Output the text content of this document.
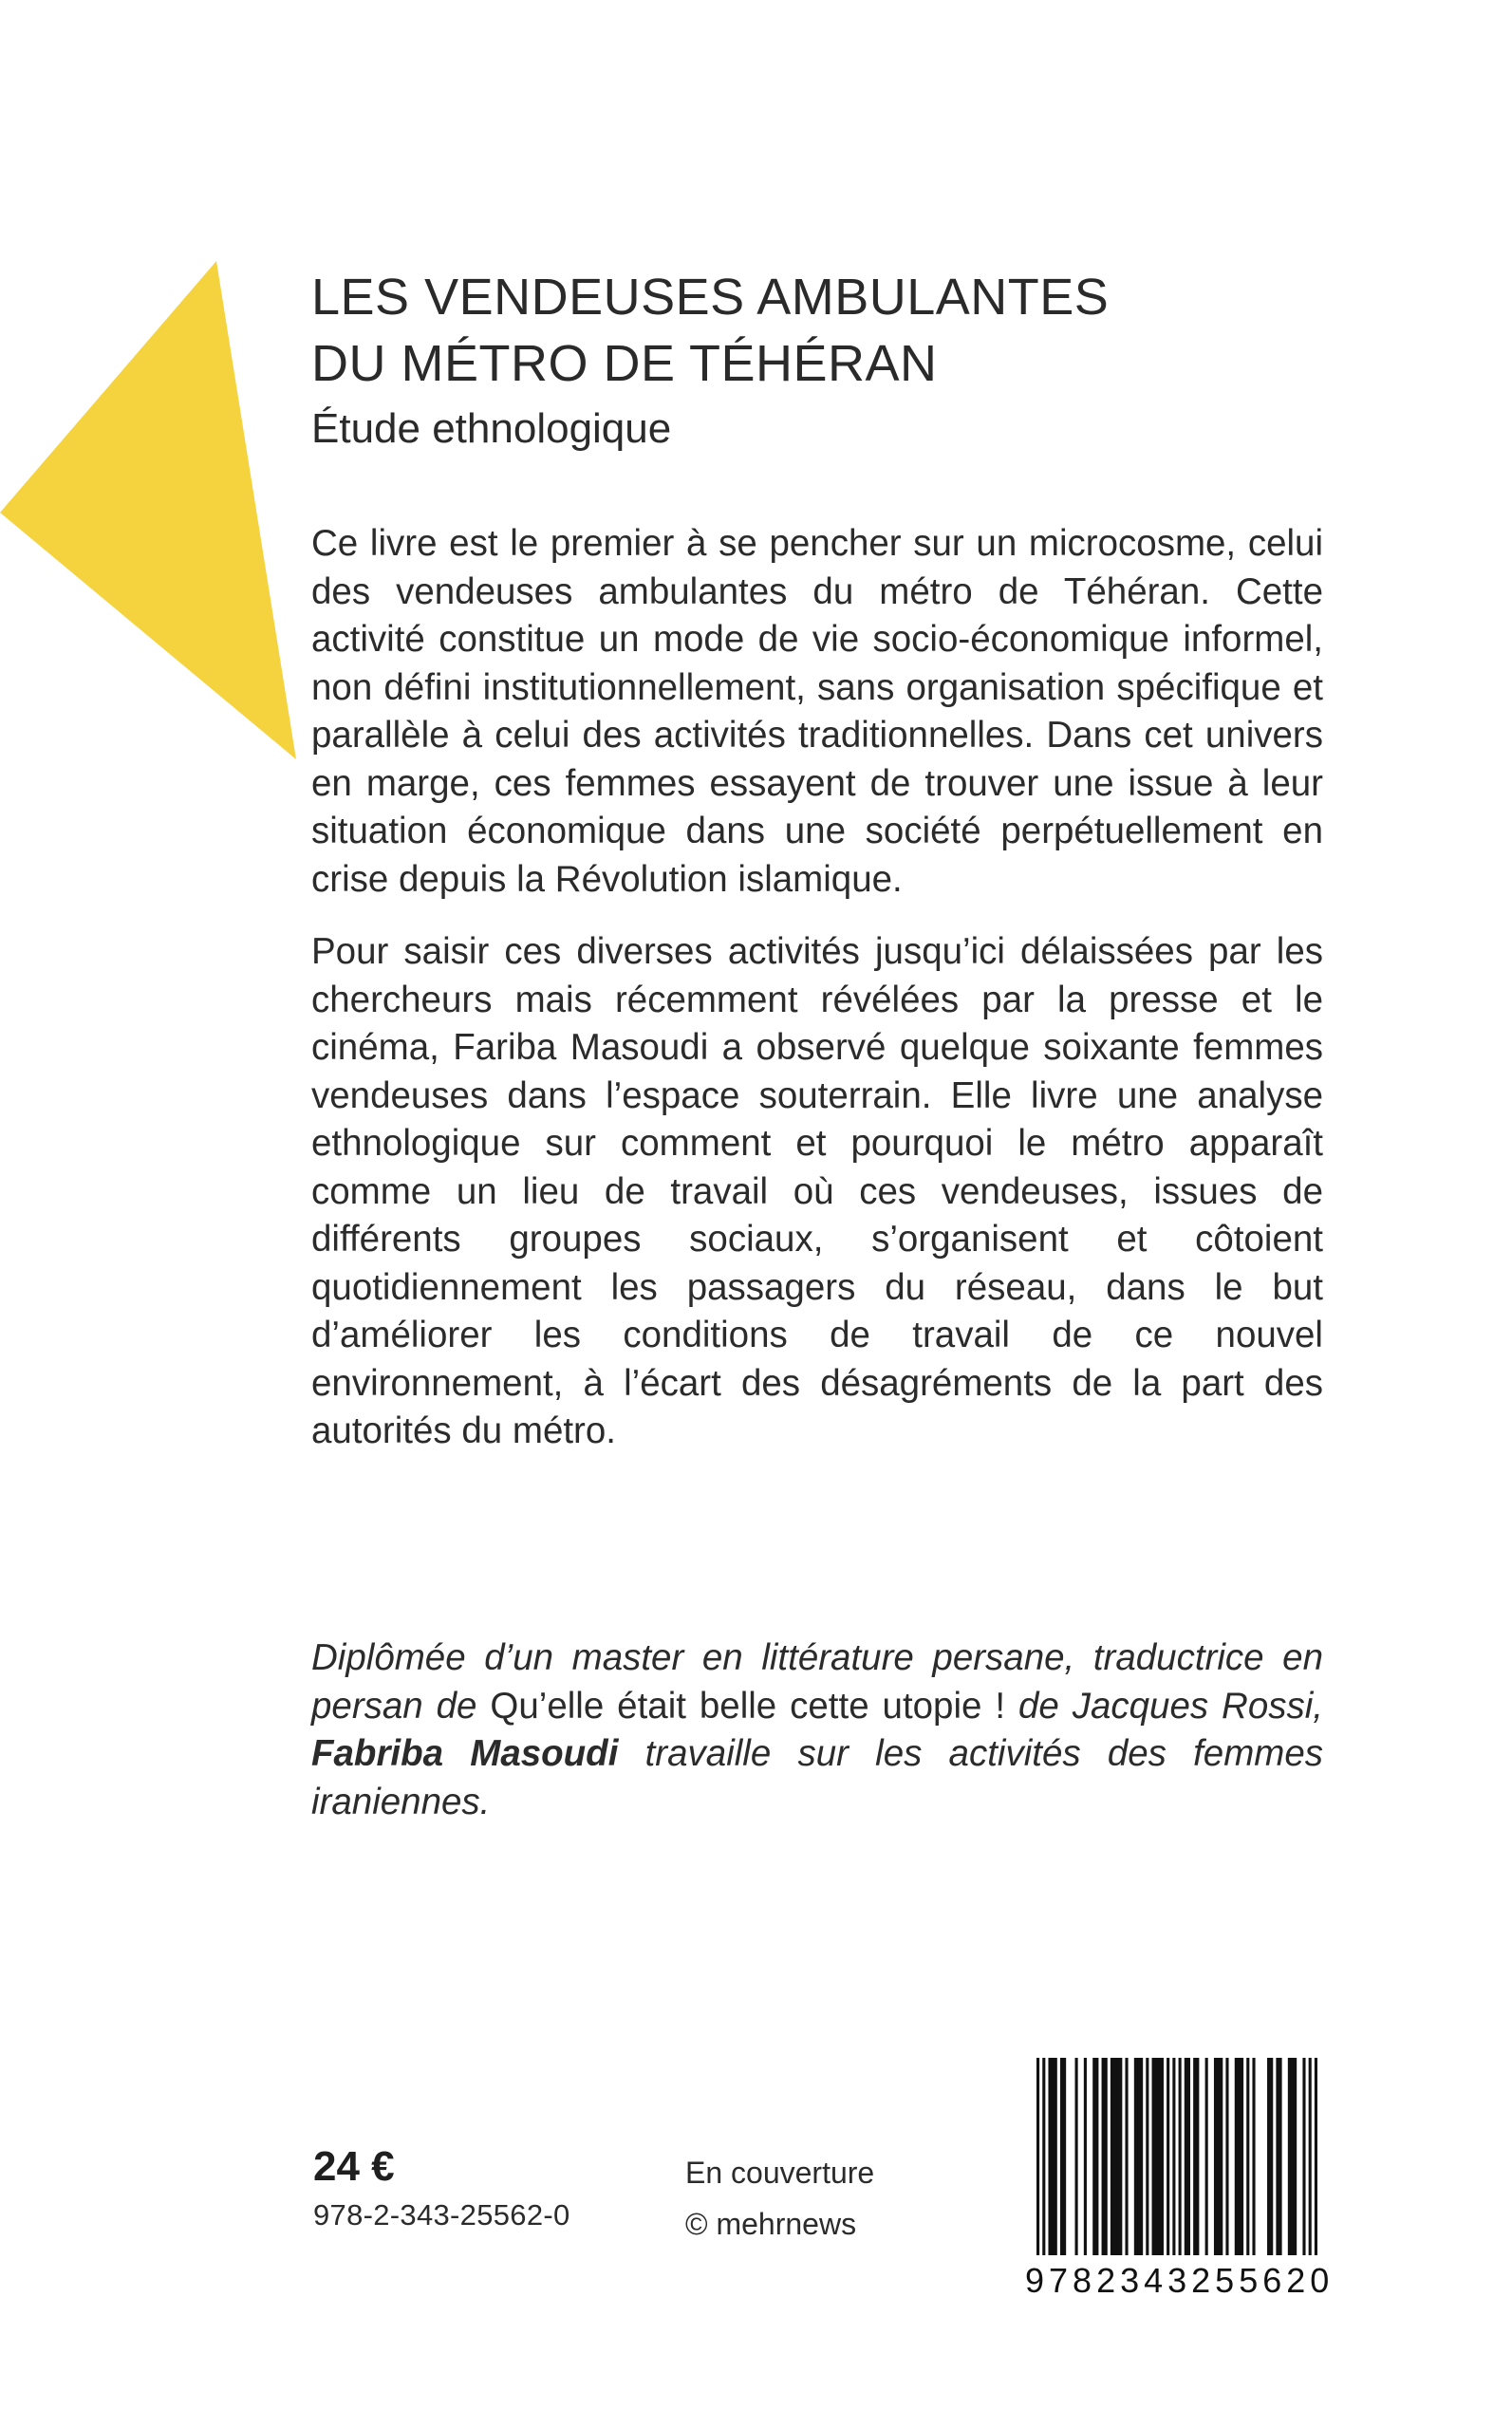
LES VENDEUSES AMBULANTES
DU MÉTRO DE TÉHÉRAN
Étude ethnologique

Ce livre est le premier à se pencher sur un microcosme, celui des vendeuses ambulantes du métro de Téhéran. Cette activité constitue un mode de vie socio-économique informel, non défini institutionnellement, sans organisation spécifique et parallèle à celui des activités traditionnelles. Dans cet univers en marge, ces femmes essayent de trouver une issue à leur situation économique dans une société perpétuellement en crise depuis la Révolution islamique.

Pour saisir ces diverses activités jusqu’ici délaissées par les chercheurs mais récemment révélées par la presse et le cinéma, Fariba Masoudi a observé quelque soixante femmes vendeuses dans l’espace souterrain. Elle livre une analyse ethnologique sur comment et pourquoi le métro apparaît comme un lieu de travail où ces vendeuses, issues de différents groupes sociaux, s’organisent et côtoient quotidiennement les passagers du réseau, dans le but d’améliorer les conditions de travail de ce nouvel environnement, à l’écart des désagréments de la part des autorités du métro.

Diplômée d’un master en littérature persane, traductrice en persan de Qu’elle était belle cette utopie ! de Jacques Rossi, Fabriba Masoudi travaille sur les activités des femmes iraniennes.
24 €
978-2-343-25562-0
En couverture
© mehrnews
9782343255620
